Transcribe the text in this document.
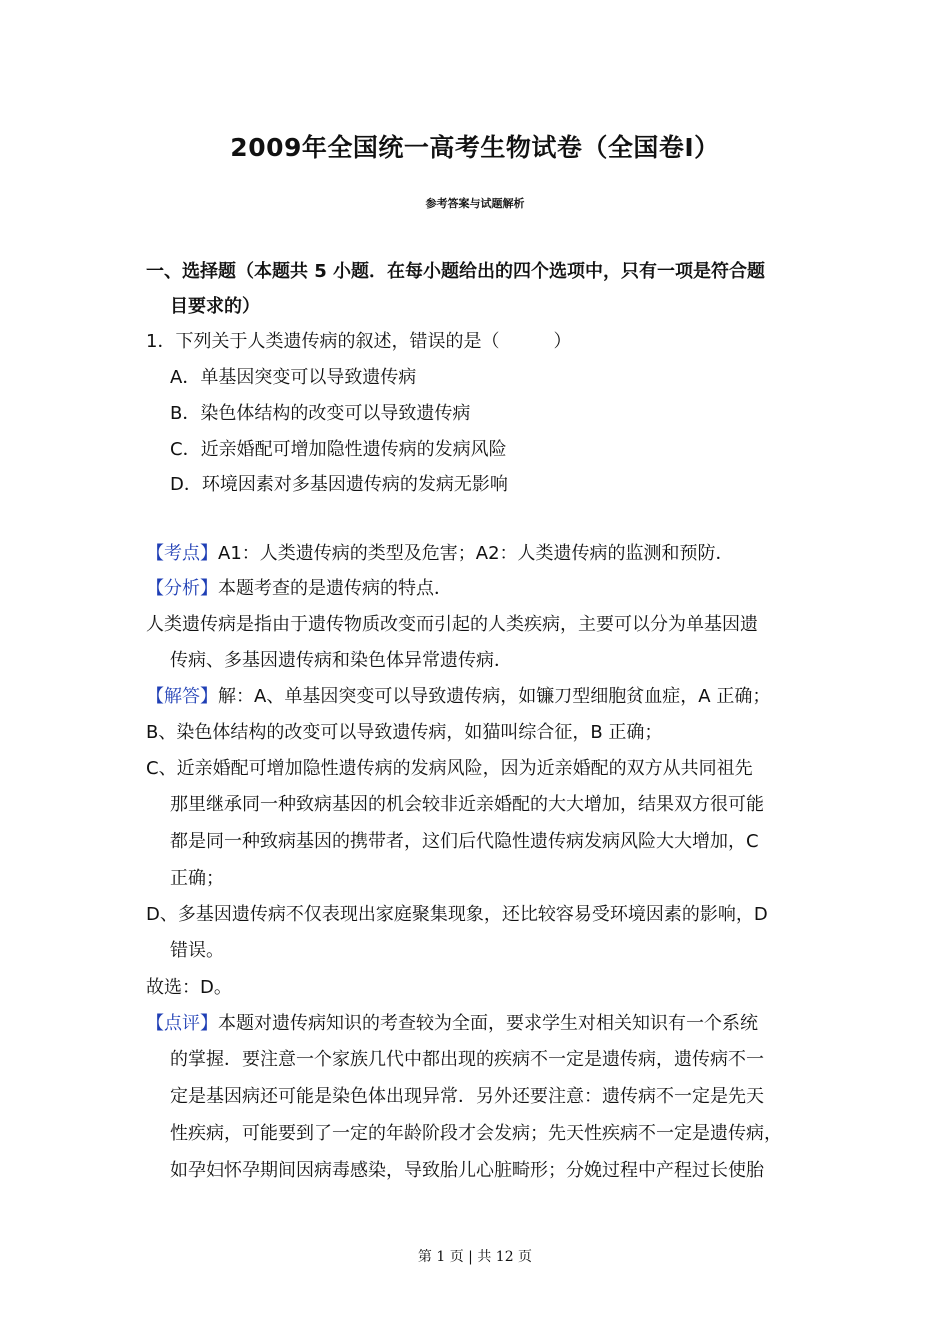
2009年全国统一高考生物试卷（全国卷Ⅰ）
参考答案与试题解析
一、选择题（本题共 5 小题．在每小题给出的四个选项中，只有一项是符合题
目要求的）
1．下列关于人类遗传病的叙述，错误的是（　　　）
A．单基因突变可以导致遗传病
B．染色体结构的改变可以导致遗传病
C．近亲婚配可增加隐性遗传病的发病风险
D．环境因素对多基因遗传病的发病无影响
【考点】A1：人类遗传病的类型及危害；A2：人类遗传病的监测和预防．
【分析】本题考查的是遗传病的特点．
人类遗传病是指由于遗传物质改变而引起的人类疾病，主要可以分为单基因遗
传病、多基因遗传病和染色体异常遗传病．
【解答】解：A、单基因突变可以导致遗传病，如镰刀型细胞贫血症，A 正确；
B、染色体结构的改变可以导致遗传病，如猫叫综合征，B 正确；
C、近亲婚配可增加隐性遗传病的发病风险，因为近亲婚配的双方从共同祖先
那里继承同一种致病基因的机会较非近亲婚配的大大增加，结果双方很可能
都是同一种致病基因的携带者，这们后代隐性遗传病发病风险大大增加，C
正确；
D、多基因遗传病不仅表现出家庭聚集现象，还比较容易受环境因素的影响，D
错误。
故选：D。
【点评】本题对遗传病知识的考查较为全面，要求学生对相关知识有一个系统
的掌握．要注意一个家族几代中都出现的疾病不一定是遗传病，遗传病不一
定是基因病还可能是染色体出现异常．另外还要注意：遗传病不一定是先天
性疾病，可能要到了一定的年龄阶段才会发病；先天性疾病不一定是遗传病，
如孕妇怀孕期间因病毒感染，导致胎儿心脏畸形；分娩过程中产程过长使胎
第 1 页 | 共 12 页
